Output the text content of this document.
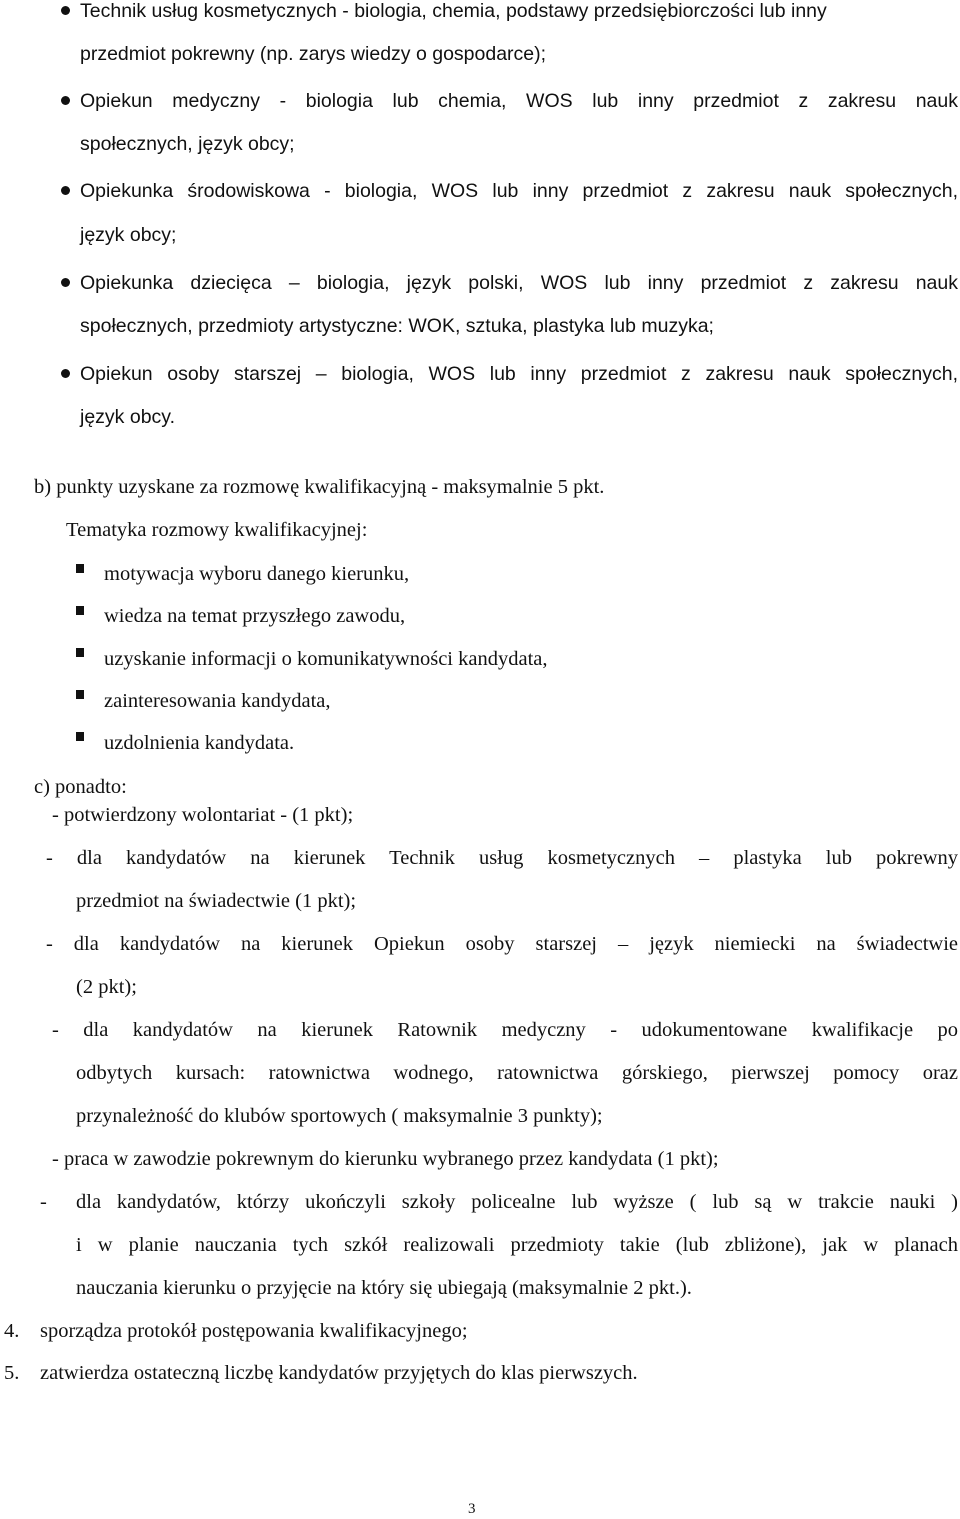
Technik usług kosmetycznych - biologia, chemia, podstawy przedsiębiorczości lub inny
przedmiot pokrewny (np. zarys wiedzy o gospodarce);
Opiekun medyczny - biologia lub chemia, WOS lub inny przedmiot z zakresu nauk
społecznych, język obcy;
Opiekunka środowiskowa - biologia, WOS lub inny przedmiot z zakresu nauk społecznych,
język obcy;
Opiekunka dziecięca – biologia, język polski, WOS lub inny przedmiot z zakresu nauk
społecznych, przedmioty artystyczne: WOK, sztuka, plastyka lub muzyka;
Opiekun osoby starszej – biologia, WOS lub inny przedmiot z zakresu nauk społecznych,
język obcy.
b) punkty uzyskane za rozmowę kwalifikacyjną - maksymalnie 5 pkt.
Tematyka rozmowy kwalifikacyjnej:
motywacja wyboru danego kierunku,
wiedza na temat przyszłego zawodu,
uzyskanie informacji o komunikatywności kandydata,
zainteresowania kandydata,
uzdolnienia kandydata.
c) ponadto:
- potwierdzony wolontariat - (1 pkt);
- dla kandydatów na kierunek Technik usług kosmetycznych – plastyka lub pokrewny
przedmiot na świadectwie (1 pkt);
- dla kandydatów na kierunek Opiekun osoby starszej – język niemiecki na świadectwie
(2 pkt);
- dla kandydatów na kierunek Ratownik medyczny - udokumentowane kwalifikacje po
odbytych kursach: ratownictwa wodnego, ratownictwa górskiego, pierwszej pomocy oraz
przynależność do klubów sportowych ( maksymalnie 3 punkty);
- praca w zawodzie pokrewnym do kierunku wybranego przez kandydata (1 pkt);
- dla kandydatów, którzy ukończyli szkoły policealne lub wyższe ( lub są w trakcie nauki )
i w planie nauczania tych szkół realizowali przedmioty takie (lub zbliżone), jak w planach
nauczania kierunku o przyjęcie na który się ubiegają (maksymalnie 2 pkt.).
4. sporządza protokół postępowania kwalifikacyjnego;
5. zatwierdza ostateczną liczbę kandydatów przyjętych do klas pierwszych.
3
